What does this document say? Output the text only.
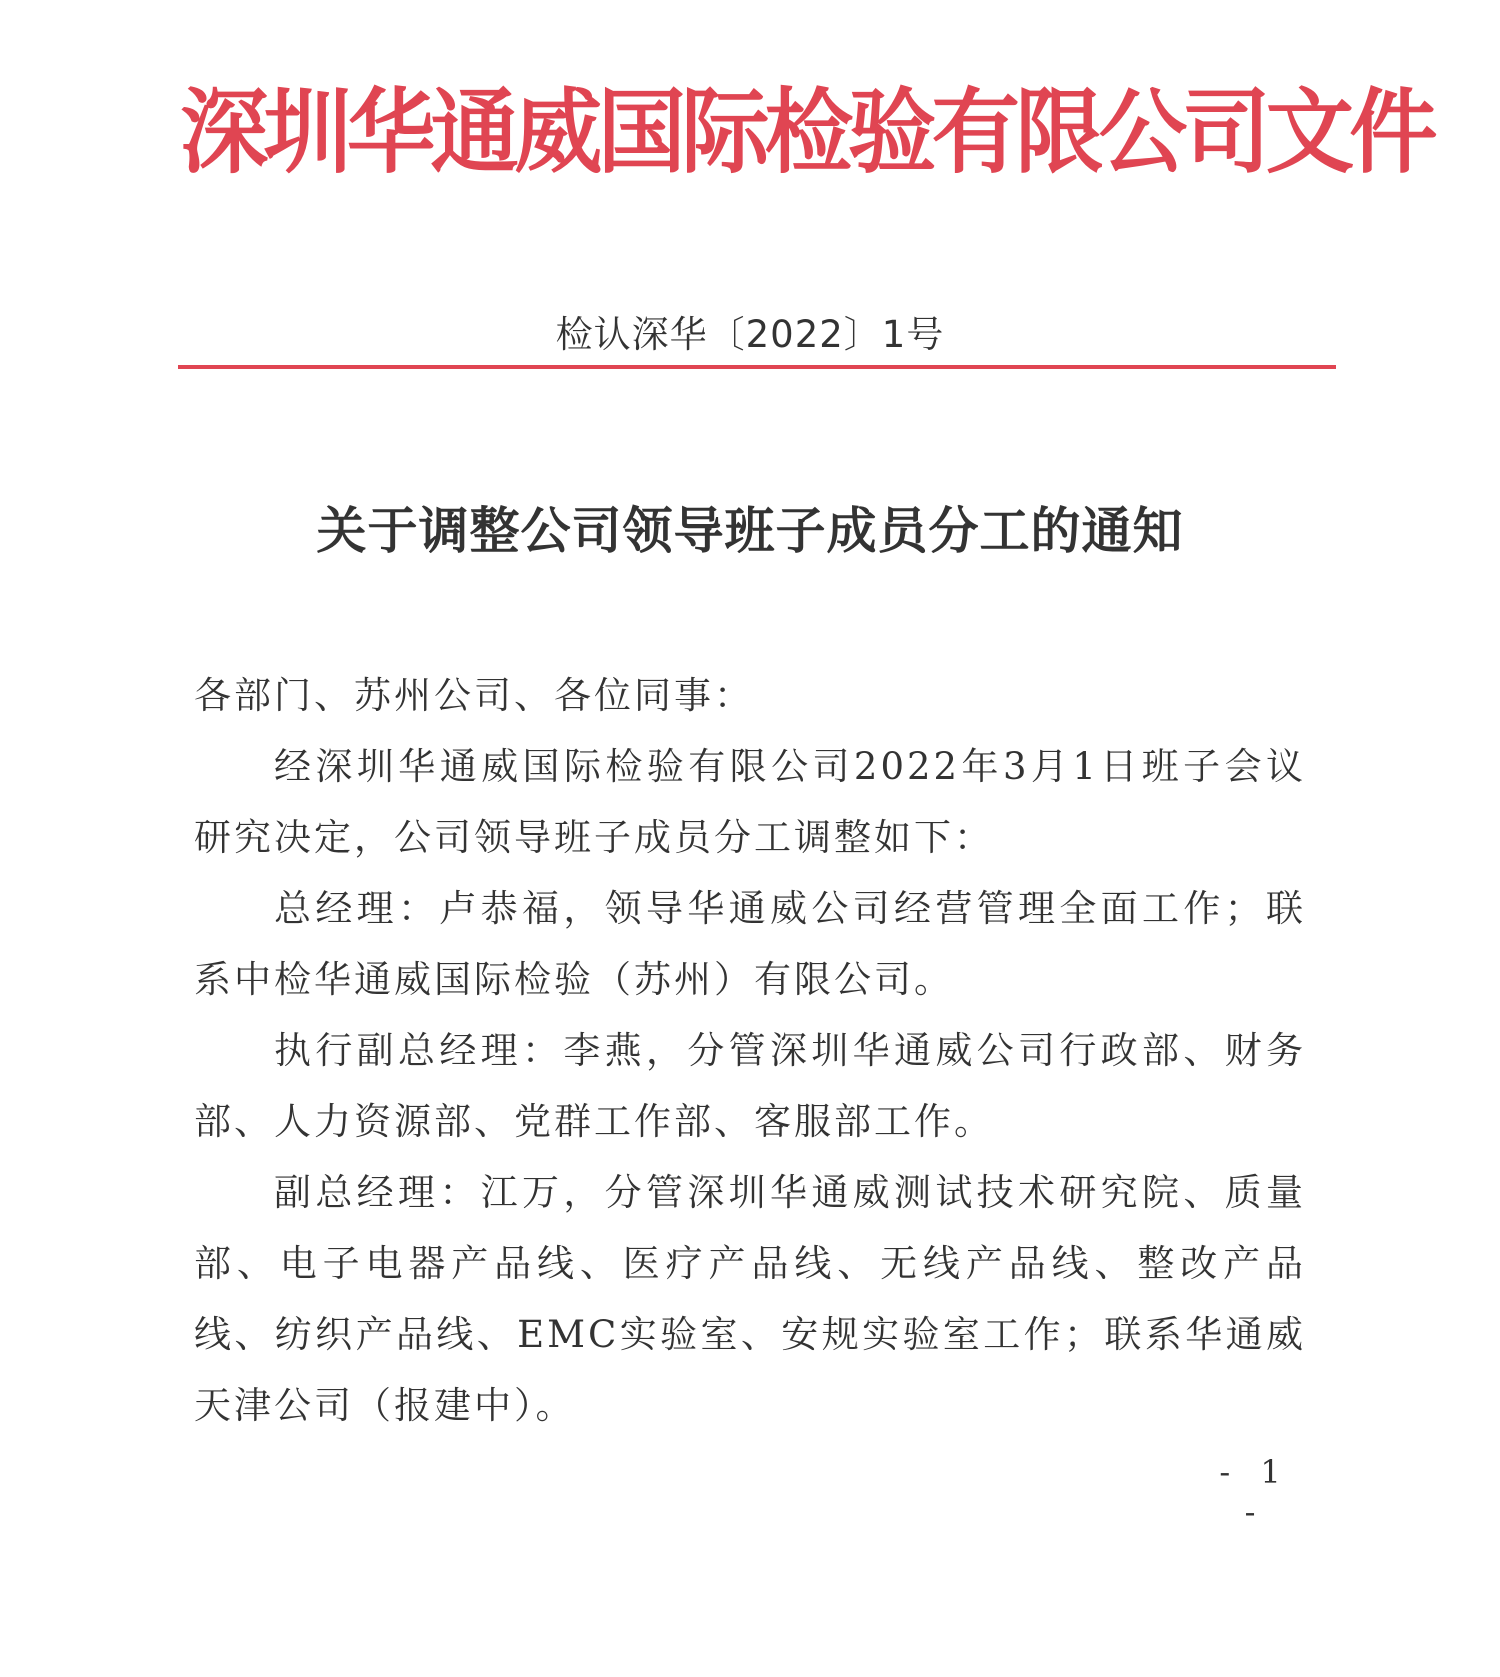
深圳华通威国际检验有限公司文件
检认深华〔2022〕1号
关于调整公司领导班子成员分工的通知

各部门、苏州公司、各位同事：

经深圳华通威国际检验有限公司2022年3月1日班子会议研究决定，公司领导班子成员分工调整如下：

总经理：卢恭福，领导华通威公司经营管理全面工作；联系中检华通威国际检验（苏州）有限公司。

执行副总经理：李燕，分管深圳华通威公司行政部、财务部、人力资源部、党群工作部、客服部工作。

副总经理：江万，分管深圳华通威测试技术研究院、质量部、电子电器产品线、医疗产品线、无线产品线、整改产品线、纺织产品线、EMC实验室、安规实验室工作；联系华通威天津公司（报建中）。

- 1 -
